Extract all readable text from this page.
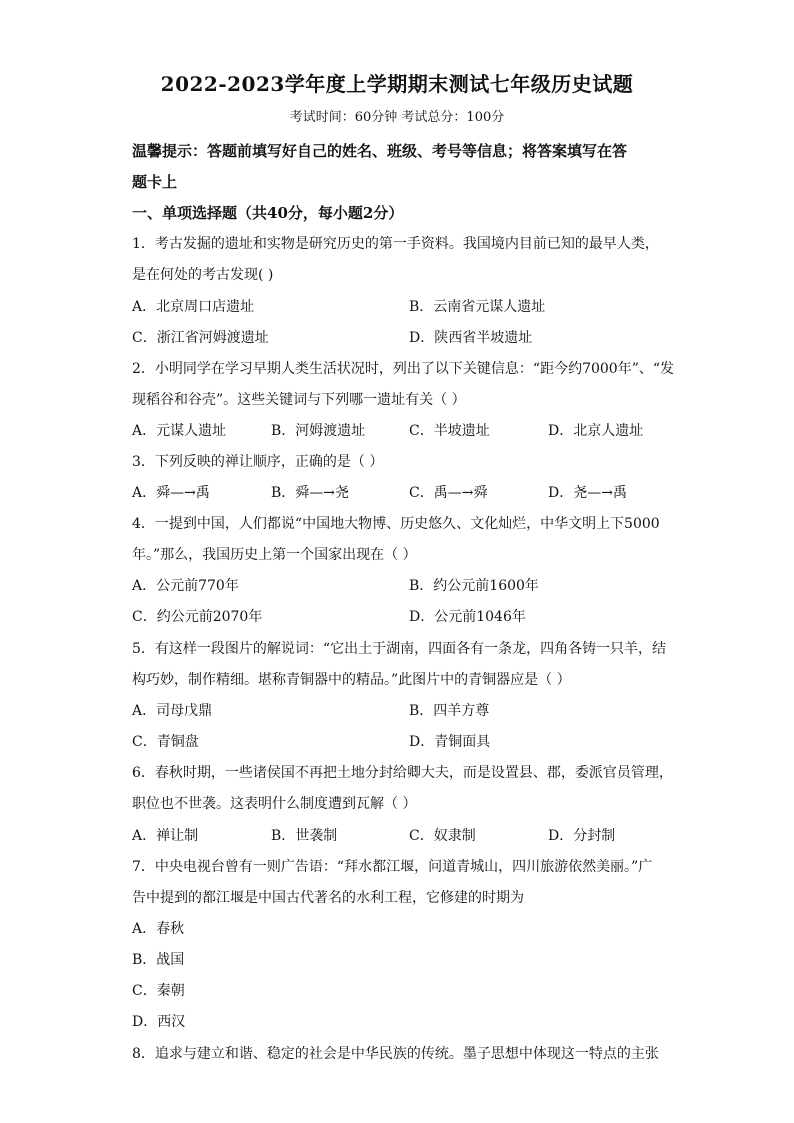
2022-2023学年度上学期期末测试七年级历史试题
考试时间：60分钟 考试总分：100分
温馨提示：答题前填写好自己的姓名、班级、考号等信息；将答案填写在答
题卡上
一、单项选择题（共40分，每小题2分）
1．考古发掘的遗址和实物是研究历史的第一手资料。我国境内目前已知的最早人类，
是在何处的考古发现( )
A．北京周口店遗址	B．云南省元谋人遗址
C．浙江省河姆渡遗址	D．陕西省半坡遗址
2．小明同学在学习早期人类生活状况时，列出了以下关键信息：“距今约7000年”、“发
现稻谷和谷壳”。这些关键词与下列哪一遗址有关（ ）
A．元谋人遗址	B．河姆渡遗址	C．半坡遗址	D．北京人遗址
3．下列反映的禅让顺序，正确的是（ ）
A．舜—→禹	B．舜—→尧	C．禹—→舜	D．尧—→禹
4．一提到中国，人们都说“中国地大物博、历史悠久、文化灿烂，中华文明上下5000
年。”那么，我国历史上第一个国家出现在（ ）
A．公元前770年	B．约公元前1600年
C．约公元前2070年	D．公元前1046年
5．有这样一段图片的解说词：“它出土于湖南，四面各有一条龙，四角各铸一只羊，结
构巧妙，制作精细。堪称青铜器中的精品。”此图片中的青铜器应是（ ）
A．司母戊鼎	B．四羊方尊
C．青铜盘	D．青铜面具
6．春秋时期，一些诸侯国不再把土地分封给卿大夫，而是设置县、郡，委派官员管理，
职位也不世袭。这表明什么制度遭到瓦解（ ）
A．禅让制	B．世袭制	C．奴隶制	D．分封制
7．中央电视台曾有一则广告语：“拜水都江堰，问道青城山，四川旅游依然美丽。”广
告中提到的都江堰是中国古代著名的水利工程，它修建的时期为
A．春秋
B．战国
C．秦朝
D．西汉
8．追求与建立和谐、稳定的社会是中华民族的传统。墨子思想中体现这一特点的主张
